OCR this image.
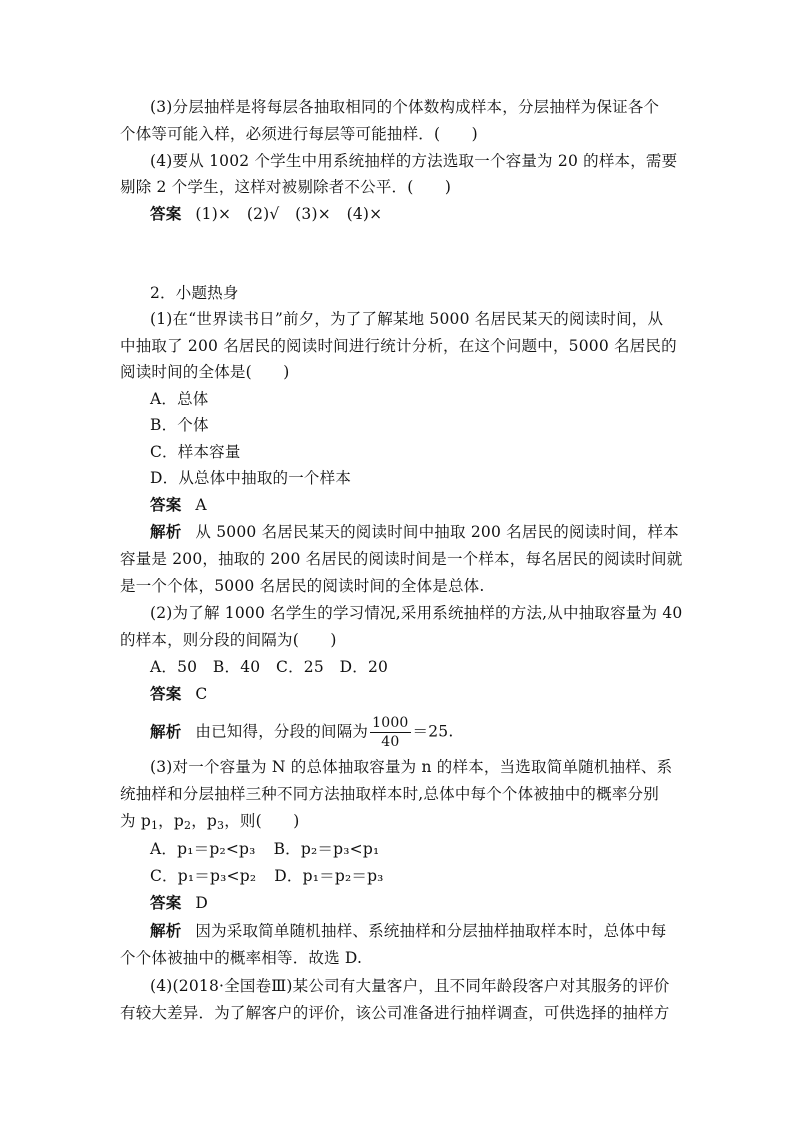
(3)分层抽样是将每层各抽取相同的个体数构成样本，分层抽样为保证各个
个体等可能入样，必须进行每层等可能抽样．(　　)
(4)要从 1002 个学生中用系统抽样的方法选取一个容量为 20 的样本，需要
剔除 2 个学生，这样对被剔除者不公平．(　　)
答案 (1)×　(2)√　(3)×　(4)×
2．小题热身
(1)在“世界读书日”前夕，为了了解某地 5000 名居民某天的阅读时间，从
中抽取了 200 名居民的阅读时间进行统计分析，在这个问题中，5000 名居民的
阅读时间的全体是(　　)
A．总体
B．个体
C．样本容量
D．从总体中抽取的一个样本
答案 A
解析 从 5000 名居民某天的阅读时间中抽取 200 名居民的阅读时间，样本
容量是 200，抽取的 200 名居民的阅读时间是一个样本，每名居民的阅读时间就
是一个个体，5000 名居民的阅读时间的全体是总体.
(2)为了解 1000 名学生的学习情况,采用系统抽样的方法,从中抽取容量为 40
的样本，则分段的间隔为(　　)
A．50　B．40　C．25　D．20
答案 C
解析 由已知得，分段的间隔为 $\frac{1000}{40} =25$.
(3)对一个容量为 N 的总体抽取容量为 n 的样本，当选取简单随机抽样、系
统抽样和分层抽样三种不同方法抽取样本时,总体中每个个体被抽中的概率分别
为 $p_1$，$p_2$，$p_3$，则(　　)
A．p₁＝p₂<p₃ B．p₂＝p₃<p₁
C．p₁＝p₃<p₂ D．p₁＝p₂＝p₃
答案 D
解析 因为采取简单随机抽样、系统抽样和分层抽样抽取样本时，总体中每
个个体被抽中的概率相等．故选 D.
(4)(2018·全国卷Ⅲ)某公司有大量客户，且不同年龄段客户对其服务的评价
有较大差异．为了解客户的评价，该公司准备进行抽样调查，可供选择的抽样方
